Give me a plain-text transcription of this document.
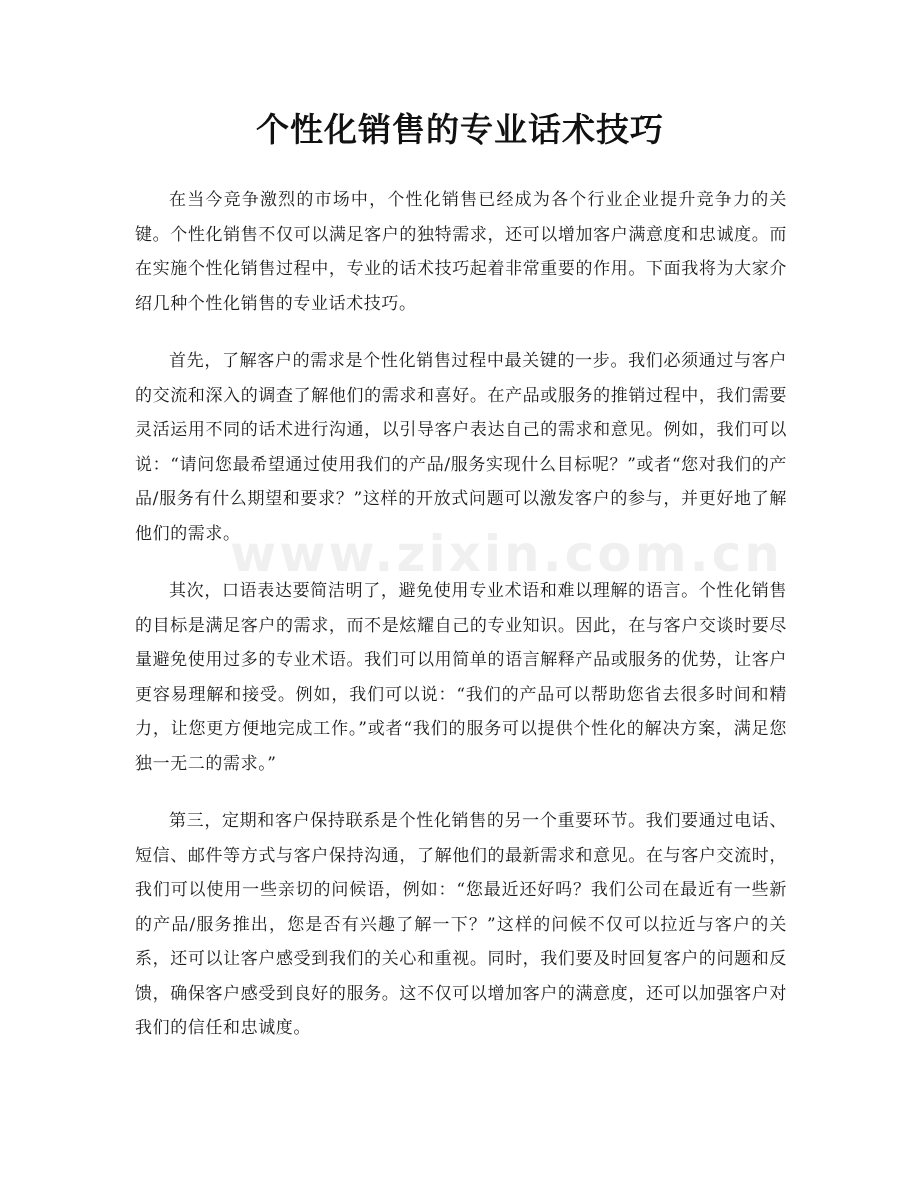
个性化销售的专业话术技巧

在当今竞争激烈的市场中，个性化销售已经成为各个行业企业提升竞争力的关键。个性化销售不仅可以满足客户的独特需求，还可以增加客户满意度和忠诚度。而在实施个性化销售过程中，专业的话术技巧起着非常重要的作用。下面我将为大家介绍几种个性化销售的专业话术技巧。

首先，了解客户的需求是个性化销售过程中最关键的一步。我们必须通过与客户的交流和深入的调查了解他们的需求和喜好。在产品或服务的推销过程中，我们需要灵活运用不同的话术进行沟通，以引导客户表达自己的需求和意见。例如，我们可以说：“请问您最希望通过使用我们的产品/服务实现什么目标呢？”或者“您对我们的产品/服务有什么期望和要求？”这样的开放式问题可以激发客户的参与，并更好地了解他们的需求。

其次，口语表达要简洁明了，避免使用专业术语和难以理解的语言。个性化销售的目标是满足客户的需求，而不是炫耀自己的专业知识。因此，在与客户交谈时要尽量避免使用过多的专业术语。我们可以用简单的语言解释产品或服务的优势，让客户更容易理解和接受。例如，我们可以说：“我们的产品可以帮助您省去很多时间和精力，让您更方便地完成工作。”或者“我们的服务可以提供个性化的解决方案，满足您独一无二的需求。”

第三，定期和客户保持联系是个性化销售的另一个重要环节。我们要通过电话、短信、邮件等方式与客户保持沟通，了解他们的最新需求和意见。在与客户交流时，我们可以使用一些亲切的问候语，例如：“您最近还好吗？我们公司在最近有一些新的产品/服务推出，您是否有兴趣了解一下？”这样的问候不仅可以拉近与客户的关系，还可以让客户感受到我们的关心和重视。同时，我们要及时回复客户的问题和反馈，确保客户感受到良好的服务。这不仅可以增加客户的满意度，还可以加强客户对我们的信任和忠诚度。

www.zixin.com.cn
